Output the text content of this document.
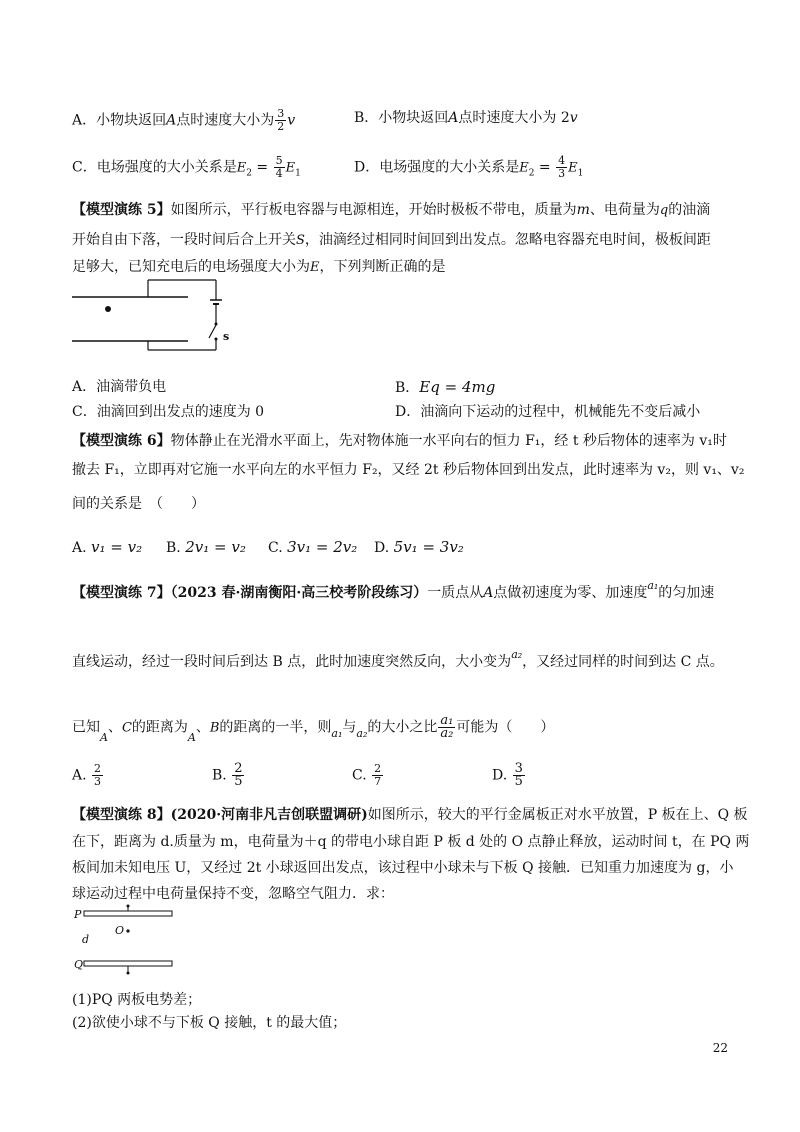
A．小物块返回A点时速度大小为 $\frac{3}{2}$ v	B．小物块返回A点时速度大小为 2v
C．电场强度的大小关系是$E_2 = \frac{5}{4} E_1$	D．电场强度的大小关系是$E_2 = \frac{4}{3} E_1$
【模型演练 5】如图所示，平行板电容器与电源相连，开始时极板不带电，质量为m、电荷量为q的油滴
开始自由下落，一段时间后合上开关S，油滴经过相同时间回到出发点。忽略电容器充电时间，极板间距
足够大，已知充电后的电场强度大小为E，下列判断正确的是
s
A．油滴带负电	B．Eq = 4mg
C．油滴回到出发点的速度为 0	D．油滴向下运动的过程中，机械能先不变后减小
【模型演练 6】物体静止在光滑水平面上，先对物体施一水平向右的恒力 F₁，经 t 秒后物体的速率为 v₁时
撤去 F₁，立即再对它施一水平向左的水平恒力 F₂，又经 2t 秒后物体回到出发点，此时速率为 v₂，则 v₁、v₂
间的关系是　（　　）
A. v₁ = v₂ B. 2v₁ = v₂ C. 3v₁ = 2v₂ D. 5v₁ = 3v₂
【模型演练 7】（2023 春·湖南衡阳·高三校考阶段练习）一质点从A点做初速度为零、加速度$^{a_1}$的匀加速
直线运动，经过一段时间后到达 B 点，此时加速度突然反向，大小变为$^{a_2}$，又经过同样的时间到达 C 点。
已知$_A$、C的距离为$_A$、B的距离的一半，则$_{a_1}$与$_{a_2}$的大小之比 $\frac{\text{a₁}}{\text{a₂}}$ 可能为（　　）
A. $\frac{2}{3}$	B. $\frac{2}{5}$	C. $\frac{2}{7}$	D. $\frac{3}{5}$
【模型演练 8】(2020·河南非凡吉创联盟调研)如图所示，较大的平行金属板正对水平放置，P 板在上、Q 板
在下，距离为 d.质量为 m，电荷量为＋q 的带电小球自距 P 板 d 处的 O 点静止释放，运动时间 t，在 PQ 两
板间加未知电压 U，又经过 2t 小球返回出发点，该过程中小球未与下板 Q 接触．已知重力加速度为 g，小
球运动过程中电荷量保持不变，忽略空气阻力．求：
P
d
O
Q
(1)PQ 两板电势差；
(2)欲使小球不与下板 Q 接触，t 的最大值；
22
